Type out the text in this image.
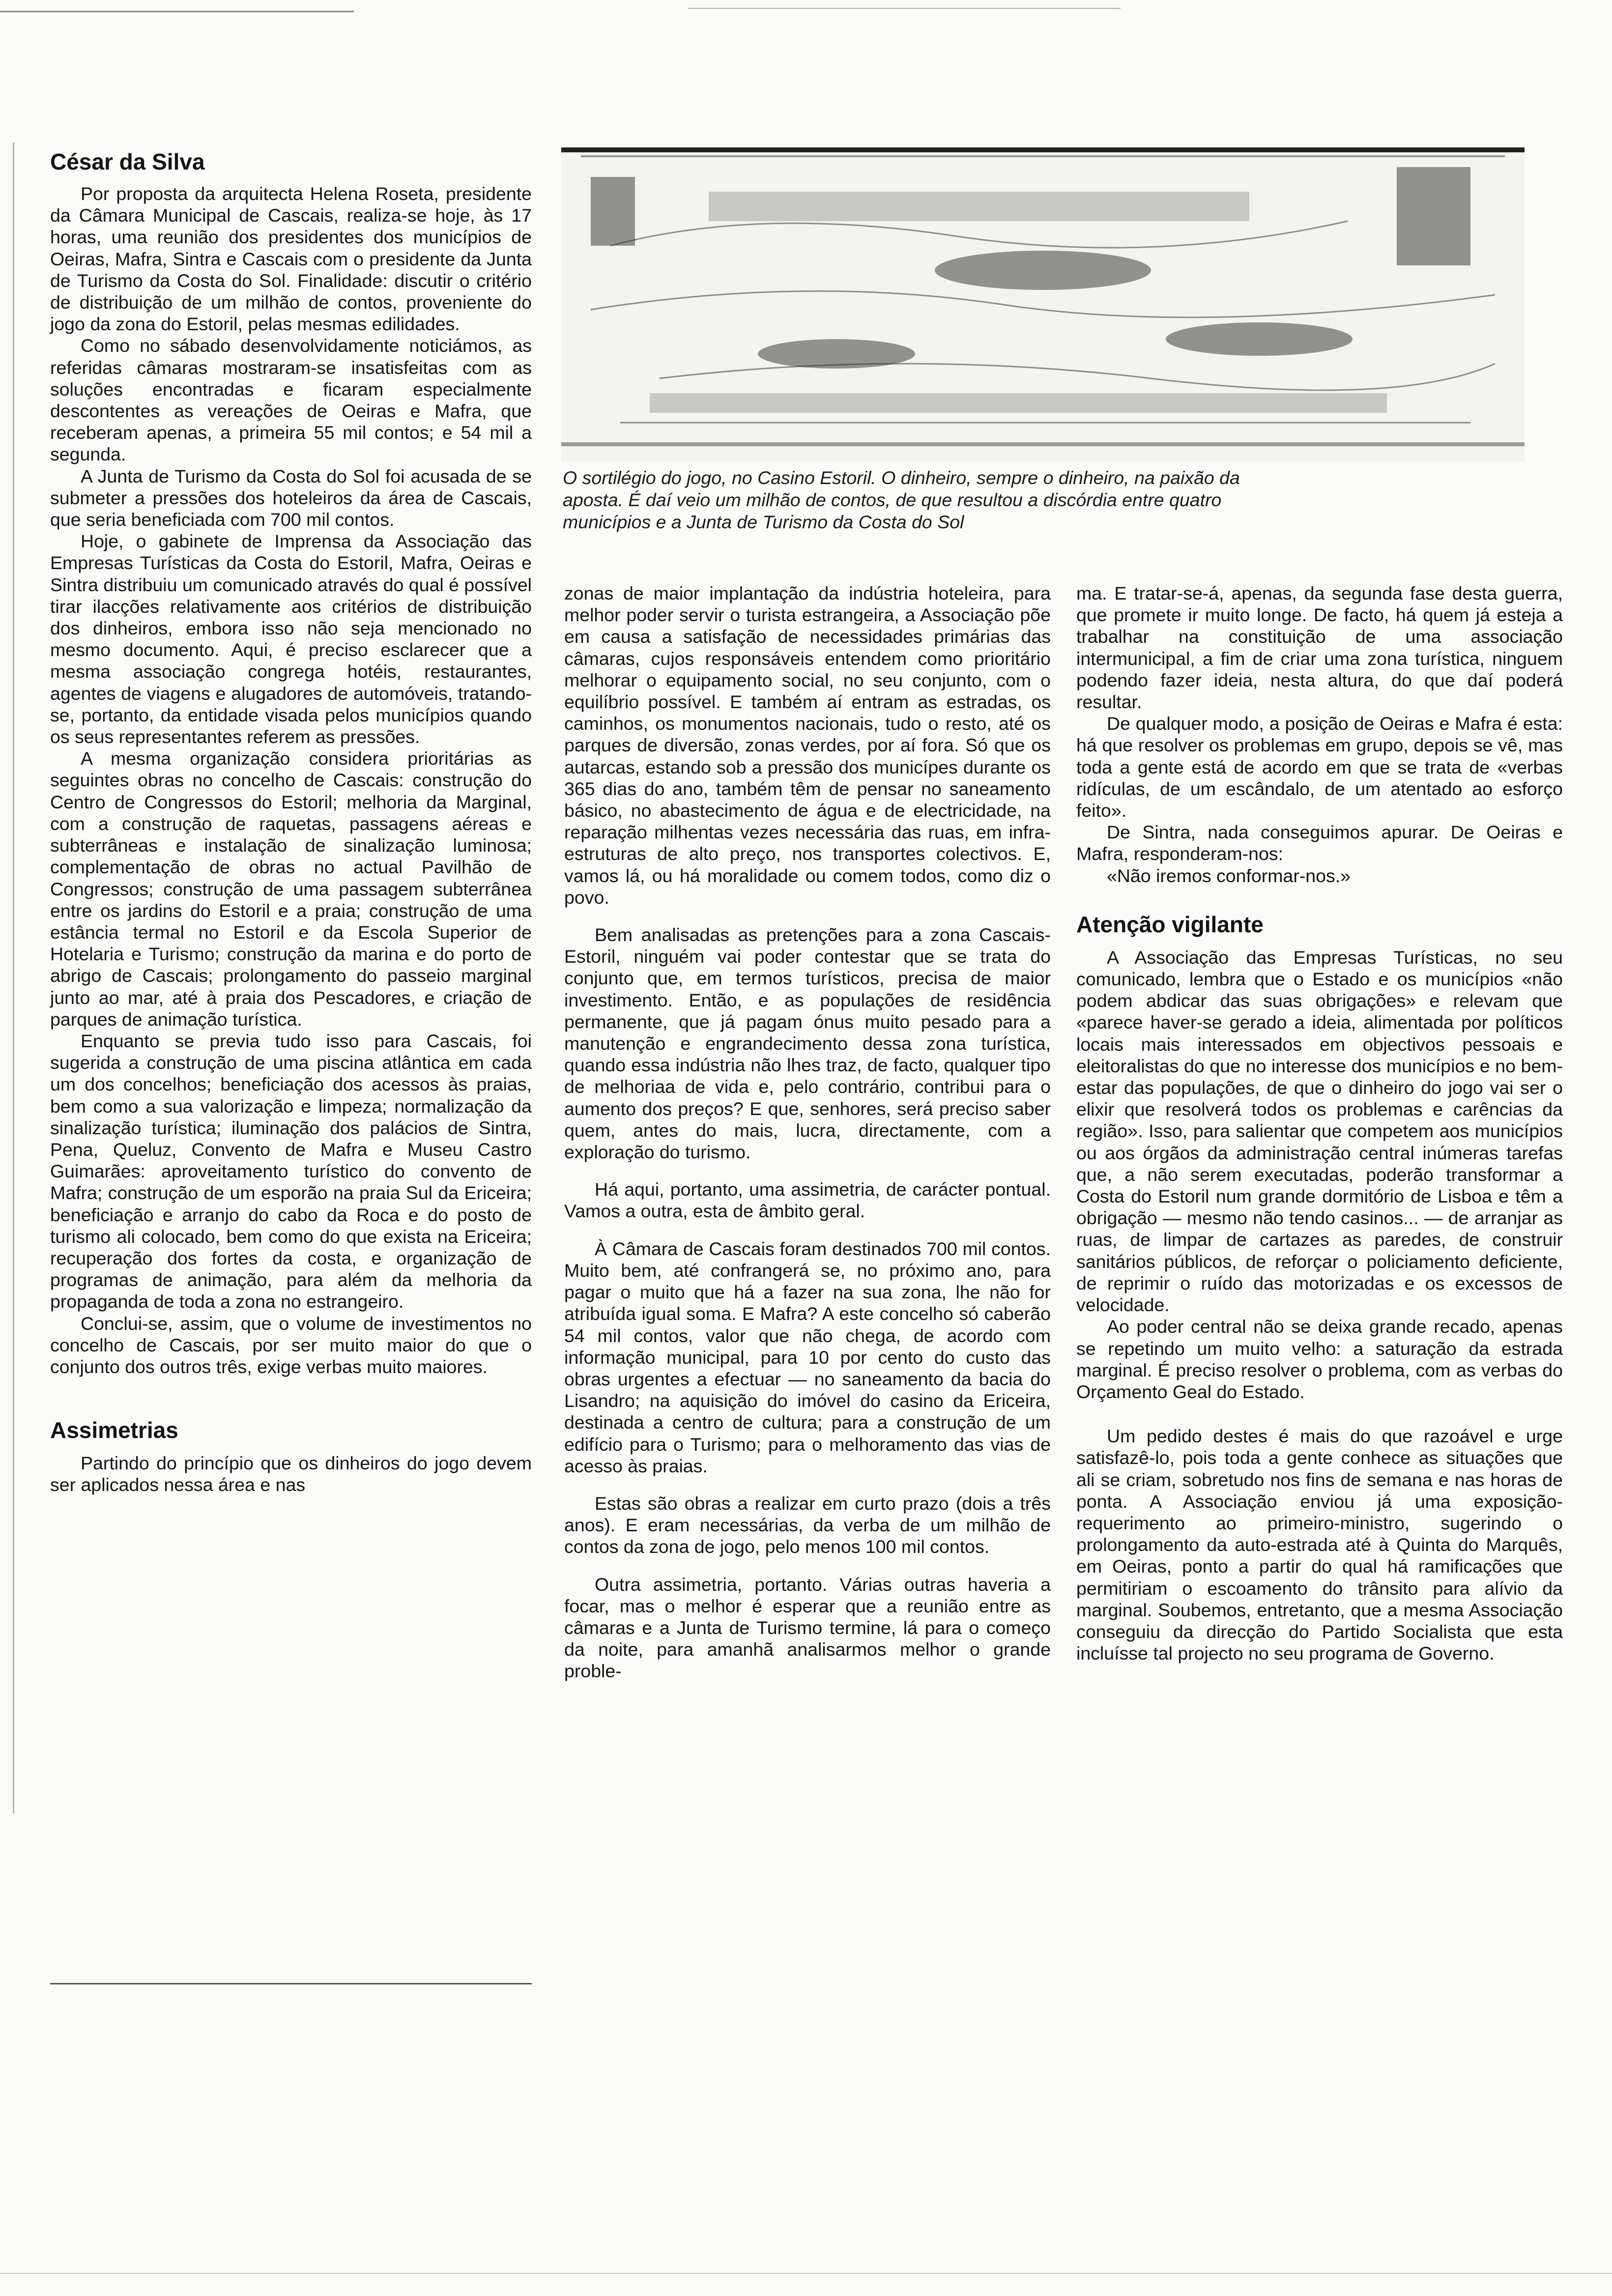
César da Silva

Por proposta da arquitecta Helena Roseta, presidente da Câmara Municipal de Cascais, realiza-se hoje, às 17 horas, uma reunião dos presidentes dos municípios de Oeiras, Mafra, Sintra e Cascais com o presidente da Junta de Turismo da Costa do Sol. Finalidade: discutir o critério de distribuição de um milhão de contos, proveniente do jogo da zona do Estoril, pelas mesmas edilidades.

Como no sábado desenvolvidamente noticiámos, as referidas câmaras mostraram-se insatisfeitas com as soluções encontradas e ficaram especialmente descontentes as vereações de Oeiras e Mafra, que receberam apenas, a primeira 55 mil contos; e 54 mil a segunda.

A Junta de Turismo da Costa do Sol foi acusada de se submeter a pressões dos hoteleiros da área de Cascais, que seria beneficiada com 700 mil contos.

Hoje, o gabinete de Imprensa da Associação das Empresas Turísticas da Costa do Estoril, Mafra, Oeiras e Sintra distribuiu um comunicado através do qual é possível tirar ilacções relativamente aos critérios de distribuição dos dinheiros, embora isso não seja mencionado no mesmo documento. Aqui, é preciso esclarecer que a mesma associação congrega hotéis, restaurantes, agentes de viagens e alugadores de automóveis, tratando-se, portanto, da entidade visada pelos municípios quando os seus representantes referem as pressões.

A mesma organização considera prioritárias as seguintes obras no concelho de Cascais: construção do Centro de Congressos do Estoril; melhoria da Marginal, com a construção de raquetas, passagens aéreas e subterrâneas e instalação de sinalização luminosa; complementação de obras no actual Pavilhão de Congressos; construção de uma passagem subterrânea entre os jardins do Estoril e a praia; construção de uma estância termal no Estoril e da Escola Superior de Hotelaria e Turismo; construção da marina e do porto de abrigo de Cascais; prolongamento do passeio marginal junto ao mar, até à praia dos Pescadores, e criação de parques de animação turística.

Enquanto se previa tudo isso para Cascais, foi sugerida a construção de uma piscina atlântica em cada um dos concelhos; beneficiação dos acessos às praias, bem como a sua valorização e limpeza; normalização da sinalização turística; iluminação dos palácios de Sintra, Pena, Queluz, Convento de Mafra e Museu Castro Guimarães: aproveitamento turístico do convento de Mafra; construção de um esporão na praia Sul da Ericeira; beneficiação e arranjo do cabo da Roca e do posto de turismo ali colocado, bem como do que exista na Ericeira; recuperação dos fortes da costa, e organização de programas de animação, para além da melhoria da propaganda de toda a zona no estrangeiro.

Conclui-se, assim, que o volume de investimentos no concelho de Cascais, por ser muito maior do que o conjunto dos outros três, exige verbas muito maiores.

Assimetrias

Partindo do princípio que os dinheiros do jogo devem ser aplicados nessa área e nas

O sortilégio do jogo, no Casino Estoril. O dinheiro, sempre o dinheiro, na paixão da
aposta. É daí veio um milhão de contos, de que resultou a discórdia entre quatro
municípios e a Junta de Turismo da Costa do Sol

zonas de maior implantação da indústria hoteleira, para melhor poder servir o turista estrangeira, a Associação põe em causa a satisfação de necessidades primárias das câmaras, cujos responsáveis entendem como prioritário melhorar o equipamento social, no seu conjunto, com o equilíbrio possível. E também aí entram as estradas, os caminhos, os monumentos nacionais, tudo o resto, até os parques de diversão, zonas verdes, por aí fora. Só que os autarcas, estando sob a pressão dos municípes durante os 365 dias do ano, também têm de pensar no saneamento básico, no abastecimento de água e de electricidade, na reparação milhentas vezes necessária das ruas, em infra-estruturas de alto preço, nos transportes colectivos. E, vamos lá, ou há moralidade ou comem todos, como diz o povo.

Bem analisadas as pretenções para a zona Cascais-Estoril, ninguém vai poder contestar que se trata do conjunto que, em termos turísticos, precisa de maior investimento. Então, e as populações de residência permanente, que já pagam ónus muito pesado para a manutenção e engrandecimento dessa zona turística, quando essa indústria não lhes traz, de facto, qualquer tipo de melhoriaa de vida e, pelo contrário, contribui para o aumento dos preços? E que, senhores, será preciso saber quem, antes do mais, lucra, directamente, com a exploração do turismo.

Há aqui, portanto, uma assimetria, de carácter pontual. Vamos a outra, esta de âmbito geral.

À Câmara de Cascais foram destinados 700 mil contos. Muito bem, até confrangerá se, no próximo ano, para pagar o muito que há a fazer na sua zona, lhe não for atribuída igual soma. E Mafra? A este concelho só caberão 54 mil contos, valor que não chega, de acordo com informação municipal, para 10 por cento do custo das obras urgentes a efectuar — no saneamento da bacia do Lisandro; na aquisição do imóvel do casino da Ericeira, destinada a centro de cultura; para a construção de um edifício para o Turismo; para o melhoramento das vias de acesso às praias.

Estas são obras a realizar em curto prazo (dois a três anos). E eram necessárias, da verba de um milhão de contos da zona de jogo, pelo menos 100 mil contos.

Outra assimetria, portanto. Várias outras haveria a focar, mas o melhor é esperar que a reunião entre as câmaras e a Junta de Turismo termine, lá para o começo da noite, para amanhã analisarmos melhor o grande proble-

ma. E tratar-se-á, apenas, da segunda fase desta guerra, que promete ir muito longe. De facto, há quem já esteja a trabalhar na constituição de uma associação intermunicipal, a fim de criar uma zona turística, ninguem podendo fazer ideia, nesta altura, do que daí poderá resultar.

De qualquer modo, a posição de Oeiras e Mafra é esta: há que resolver os problemas em grupo, depois se vê, mas toda a gente está de acordo em que se trata de «verbas ridículas, de um escândalo, de um atentado ao esforço feito».

De Sintra, nada conseguimos apurar. De Oeiras e Mafra, responderam-nos:

«Não iremos conformar-nos.»

Atenção vigilante

A Associação das Empresas Turísticas, no seu comunicado, lembra que o Estado e os municípios «não podem abdicar das suas obrigações» e relevam que «parece haver-se gerado a ideia, alimentada por políticos locais mais interessados em objectivos pessoais e eleitoralistas do que no interesse dos municípios e no bem-estar das populações, de que o dinheiro do jogo vai ser o elixir que resolverá todos os problemas e carências da região». Isso, para salientar que competem aos municípios ou aos órgãos da administração central inúmeras tarefas que, a não serem executadas, poderão transformar a Costa do Estoril num grande dormitório de Lisboa e têm a obrigação — mesmo não tendo casinos... — de arranjar as ruas, de limpar de cartazes as paredes, de construir sanitários públicos, de reforçar o policiamento deficiente, de reprimir o ruído das motorizadas e os excessos de velocidade.

Ao poder central não se deixa grande recado, apenas se repetindo um muito velho: a saturação da estrada marginal. É preciso resolver o problema, com as verbas do Orçamento Geal do Estado.

Um pedido destes é mais do que razoável e urge satisfazê-lo, pois toda a gente conhece as situações que ali se criam, sobretudo nos fins de semana e nas horas de ponta. A Associação enviou já uma exposição-requerimento ao primeiro-ministro, sugerindo o prolongamento da auto-estrada até à Quinta do Marquês, em Oeiras, ponto a partir do qual há ramificações que permitiriam o escoamento do trânsito para alívio da marginal. Soubemos, entretanto, que a mesma Associação conseguiu da direcção do Partido Socialista que esta incluísse tal projecto no seu programa de Governo.
